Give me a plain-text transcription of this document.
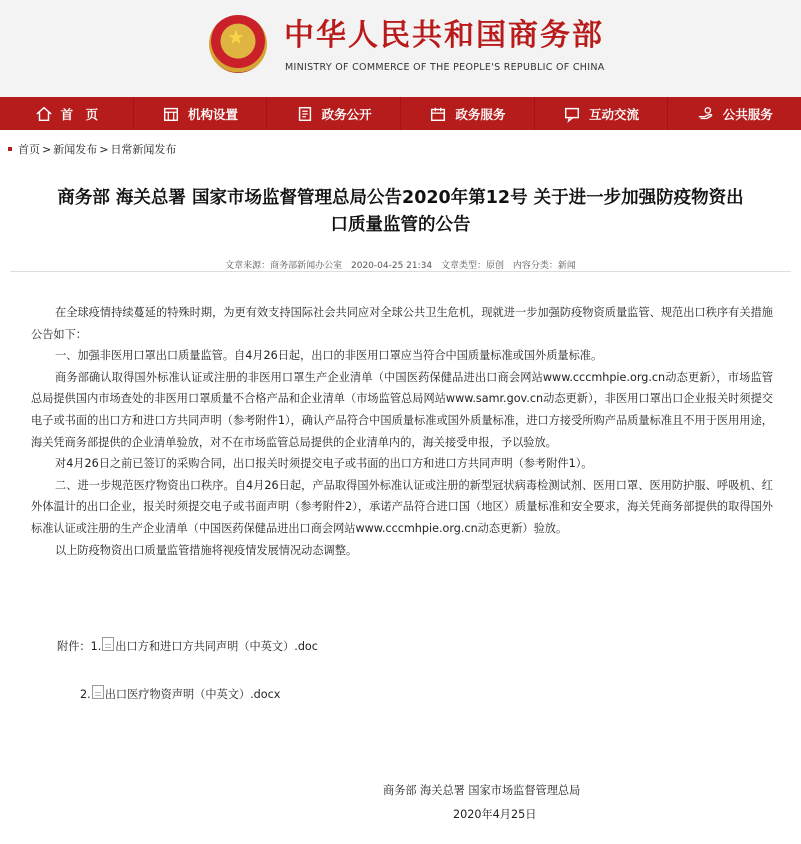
★ 中华人民共和国商务部
MINISTRY OF COMMERCE OF THE PEOPLE'S REPUBLIC OF CHINA
首　页	机构设置	政务公开	政务服务	互动交流	公共服务
首页 > 新闻发布 > 日常新闻发布
商务部 海关总署 国家市场监督管理总局公告2020年第12号 关于进一步加强防疫物资出
口质量监管的公告
文章来源：商务部新闻办公室 2020-04-25 21:34 文章类型：原创 内容分类：新闻

在全球疫情持续蔓延的特殊时期，为更有效支持国际社会共同应对全球公共卫生危机，现就进一步加强防疫物资质量监管、规范出口秩序有关措施公告如下：

一、加强非医用口罩出口质量监管。自4月26日起，出口的非医用口罩应当符合中国质量标准或国外质量标准。

商务部确认取得国外标准认证或注册的非医用口罩生产企业清单（中国医药保健品进出口商会网站www.cccmhpie.org.cn动态更新），市场监管总局提供国内市场查处的非医用口罩质量不合格产品和企业清单（市场监管总局网站www.samr.gov.cn动态更新），非医用口罩出口企业报关时须提交电子或书面的出口方和进口方共同声明（参考附件1），确认产品符合中国质量标准或国外质量标准，进口方接受所购产品质量标准且不用于医用用途，海关凭商务部提供的企业清单验放，对不在市场监管总局提供的企业清单内的，海关接受申报，予以验放。

对4月26日之前已签订的采购合同，出口报关时须提交电子或书面的出口方和进口方共同声明（参考附件1）。

二、进一步规范医疗物资出口秩序。自4月26日起，产品取得国外标准认证或注册的新型冠状病毒检测试剂、医用口罩、医用防护服、呼吸机、红外体温计的出口企业，报关时须提交电子或书面声明（参考附件2），承诺产品符合进口国（地区）质量标准和安全要求，海关凭商务部提供的取得国外标准认证或注册的生产企业清单（中国医药保健品进出口商会网站www.cccmhpie.org.cn动态更新）验放。

以上防疫物资出口质量监管措施将视疫情发展情况动态调整。

附件： 1. 出口方和进口方共同声明（中英文）.doc
2. 出口医疗物资声明（中英文）.docx
商务部 海关总署 国家市场监督管理总局
2020年4月25日
